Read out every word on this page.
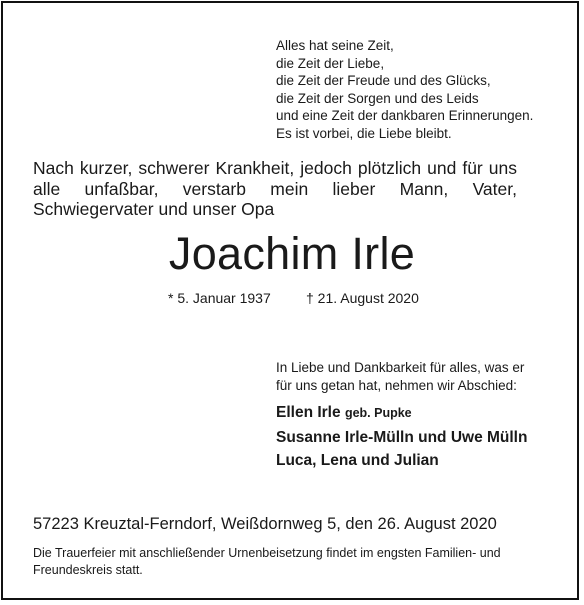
Alles hat seine Zeit,
die Zeit der Liebe,
die Zeit der Freude und des Glücks,
die Zeit der Sorgen und des Leids
und eine Zeit der dankbaren Erinnerungen.
Es ist vorbei, die Liebe bleibt.
Nach kurzer, schwerer Krankheit, jedoch plötzlich und für uns alle unfaßbar, verstarb mein lieber Mann, Vater, Schwiegervater und unser Opa
Joachim Irle
* 5. Januar 1937	† 21. August 2020
In Liebe und Dankbarkeit für alles, was er
für uns getan hat, nehmen wir Abschied:
Ellen Irle geb. Pupke
Susanne Irle-Mülln und Uwe Mülln
Luca, Lena und Julian
57223 Kreuztal-Ferndorf, Weißdornweg 5, den 26. August 2020
Die Trauerfeier mit anschließender Urnenbeisetzung findet im engsten Familien- und Freundeskreis statt.
